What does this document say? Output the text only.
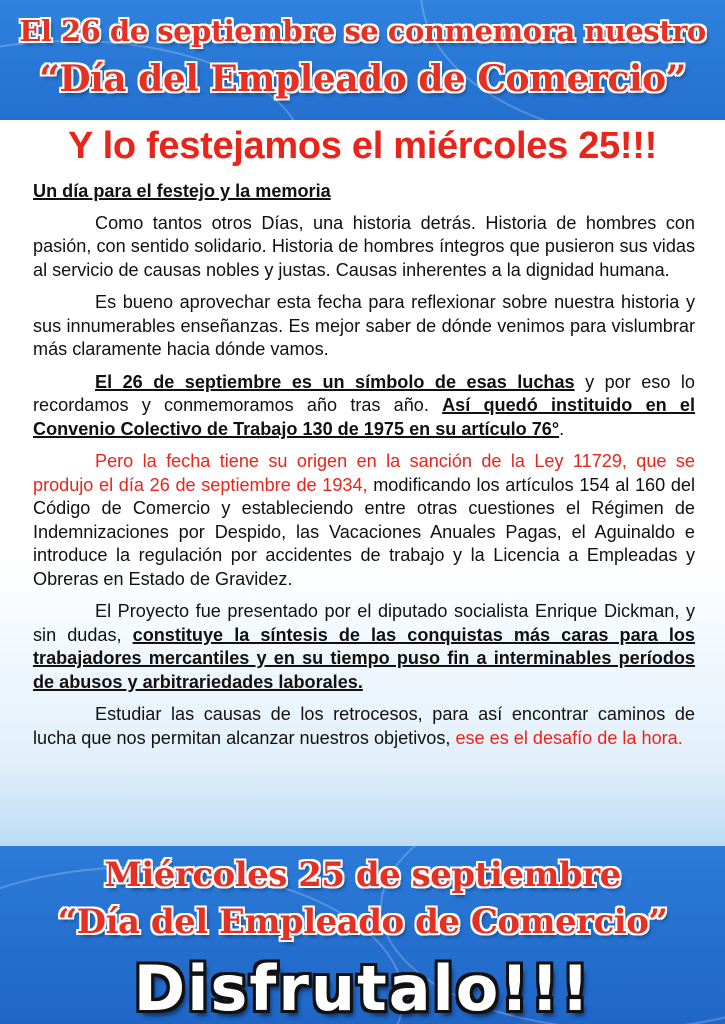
El 26 de septiembre se conmemora nuestro
“Día del Empleado de Comercio”
Y lo festejamos el miércoles 25!!!

Un día para el festejo y la memoria

Como tantos otros Días, una historia detrás. Historia de hombres con pasión, con sentido solidario. Historia de hombres íntegros que pusieron sus vidas al servicio de causas nobles y justas. Causas inherentes a la dignidad humana.

Es bueno aprovechar esta fecha para reflexionar sobre nuestra historia y sus innumerables enseñanzas. Es mejor saber de dónde venimos para vislumbrar más claramente hacia dónde vamos.

El 26 de septiembre es un símbolo de esas luchas y por eso lo recordamos y conmemoramos año tras año. Así quedó instituido en el Convenio Colectivo de Trabajo 130 de 1975 en su artículo 76°.

Pero la fecha tiene su origen en la sanción de la Ley 11729, que se produjo el día 26 de septiembre de 1934, modificando los artículos 154 al 160 del Código de Comercio y estableciendo entre otras cuestiones el Régimen de Indemnizaciones por Despido, las Vacaciones Anuales Pagas, el Aguinaldo e introduce la regulación por accidentes de trabajo y la Licencia a Empleadas y Obreras en Estado de Gravidez.

El Proyecto fue presentado por el diputado socialista Enrique Dickman, y sin dudas, constituye la síntesis de las conquistas más caras para los trabajadores mercantiles y en su tiempo puso fin a interminables períodos de abusos y arbitrariedades laborales.

Estudiar las causas de los retrocesos, para así encontrar caminos de lucha que nos permitan alcanzar nuestros objetivos, ese es el desafío de la hora.

Miércoles 25 de septiembre
“Día del Empleado de Comercio”
Disfrutalo!!!
